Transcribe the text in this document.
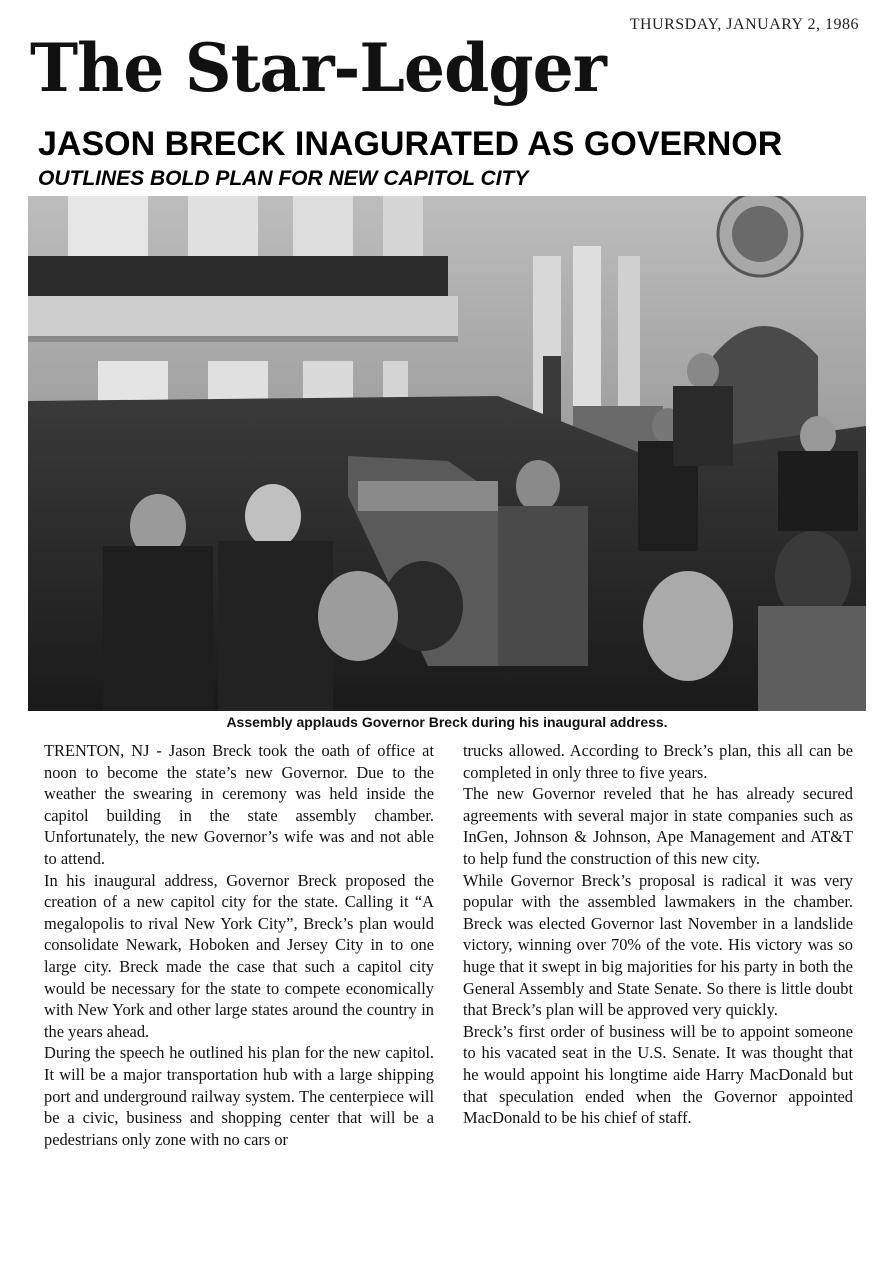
The Star-Ledger
THURSDAY, JANUARY 2, 1986
JASON BRECK INAGURATED AS GOVERNOR
OUTLINES BOLD PLAN FOR NEW CAPITOL CITY
Assembly applauds Governor Breck during his inaugural address.

TRENTON, NJ - Jason Breck took the oath of office at noon to become the state’s new Governor. Due to the weather the swearing in ceremony was held inside the capitol building in the state assembly chamber. Unfortunately, the new Governor’s wife was and not able to attend.

In his inaugural address, Governor Breck proposed the creation of a new capitol city for the state. Calling it “A megalopolis to rival New York City”, Breck’s plan would consolidate Newark, Hoboken and Jersey City in to one large city. Breck made the case that such a capitol city would be necessary for the state to compete economically with New York and other large states around the country in the years ahead.

During the speech he outlined his plan for the new capitol. It will be a major transportation hub with a large shipping port and underground railway system. The centerpiece will be a civic, business and shopping center that will be a pedestrians only zone with no cars or

trucks allowed. According to Breck’s plan, this all can be completed in only three to five years.

The new Governor reveled that he has already secured agreements with several major in state companies such as InGen, Johnson & Johnson, Ape Management and AT&T to help fund the construction of this new city.

While Governor Breck’s proposal is radical it was very popular with the assembled lawmakers in the chamber. Breck was elected Governor last November in a landslide victory, winning over 70% of the vote. His victory was so huge that it swept in big majorities for his party in both the General Assembly and State Senate. So there is little doubt that Breck’s plan will be approved very quickly.

Breck’s first order of business will be to appoint someone to his vacated seat in the U.S. Senate. It was thought that he would appoint his longtime aide Harry MacDonald but that speculation ended when the Governor appointed MacDonald to be his chief of staff.
